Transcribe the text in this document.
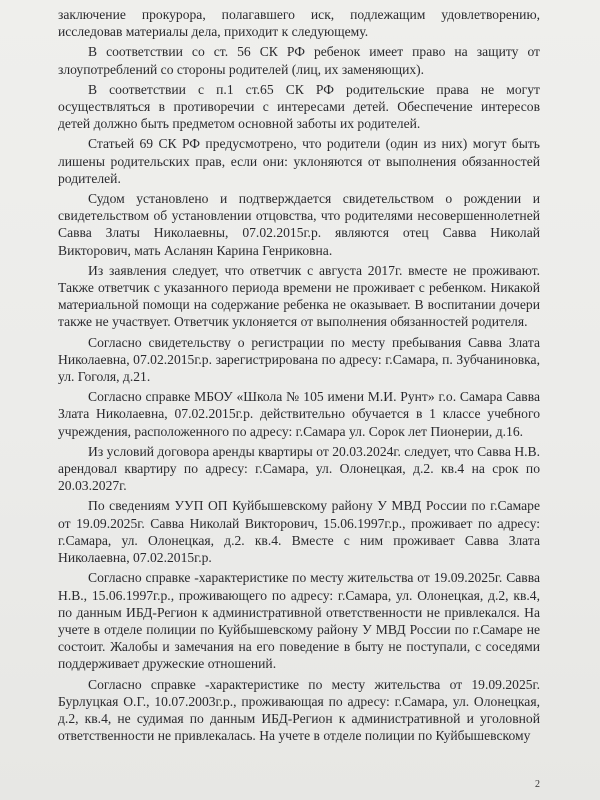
заключение прокурора, полагавшего иск, подлежащим удовлетворению, исследовав материалы дела, приходит к следующему.

В соответствии со ст. 56 СК РФ ребенок имеет право на защиту от злоупотреблений со стороны родителей (лиц, их заменяющих).

В соответствии с п.1 ст.65 СК РФ родительские права не могут осуществляться в противоречии с интересами детей. Обеспечение интересов детей должно быть предметом основной заботы их родителей.

Статьей 69 СК РФ предусмотрено, что родители (один из них) могут быть лишены родительских прав, если они: уклоняются от выполнения обязанностей родителей.

Судом установлено и подтверждается свидетельством о рождении и свидетельством об установлении отцовства, что родителями несовершеннолетней Савва Златы Николаевны, 07.02.2015г.р. являются отец Савва Николай Викторович, мать Асланян Карина Генриковна.

Из заявления следует, что ответчик с августа 2017г. вместе не проживают. Также ответчик с указанного периода времени не проживает с ребенком. Никакой материальной помощи на содержание ребенка не оказывает. В воспитании дочери также не участвует. Ответчик уклоняется от выполнения обязанностей родителя.

Согласно свидетельству о регистрации по месту пребывания Савва Злата Николаевна, 07.02.2015г.р. зарегистрирована по адресу: г.Самара, п. Зубчаниновка, ул. Гоголя, д.21.

Согласно справке МБОУ «Школа № 105 имени М.И. Рунт» г.о. Самара Савва Злата Николаевна, 07.02.2015г.р. действительно обучается в 1 классе учебного учреждения, расположенного по адресу: г.Самара ул. Сорок лет Пионерии, д.16.

Из условий договора аренды квартиры от 20.03.2024г. следует, что Савва Н.В. арендовал квартиру по адресу: г.Самара, ул. Олонецкая, д.2. кв.4 на срок по 20.03.2027г.

По сведениям УУП ОП Куйбышевскому району У МВД России по г.Самаре от 19.09.2025г. Савва Николай Викторович, 15.06.1997г.р., проживает по адресу: г.Самара, ул. Олонецкая, д.2. кв.4. Вместе с ним проживает Савва Злата Николаевна, 07.02.2015г.р.

Согласно справке -характеристике по месту жительства от 19.09.2025г. Савва Н.В., 15.06.1997г.р., проживающего по адресу: г.Самара, ул. Олонецкая, д.2, кв.4, по данным ИБД-Регион к административной ответственности не привлекался. На учете в отделе полиции по Куйбышевскому району У МВД России по г.Самаре не состоит. Жалобы и замечания на его поведение в быту не поступали, с соседями поддерживает дружеские отношений.

Согласно справке -характеристике по месту жительства от 19.09.2025г. Бурлуцкая О.Г., 10.07.2003г.р., проживающая по адресу: г.Самара, ул. Олонецкая, д.2, кв.4, не судимая по данным ИБД-Регион к административной и уголовной ответственности не привлекалась. На учете в отделе полиции по Куйбышевскому

2
